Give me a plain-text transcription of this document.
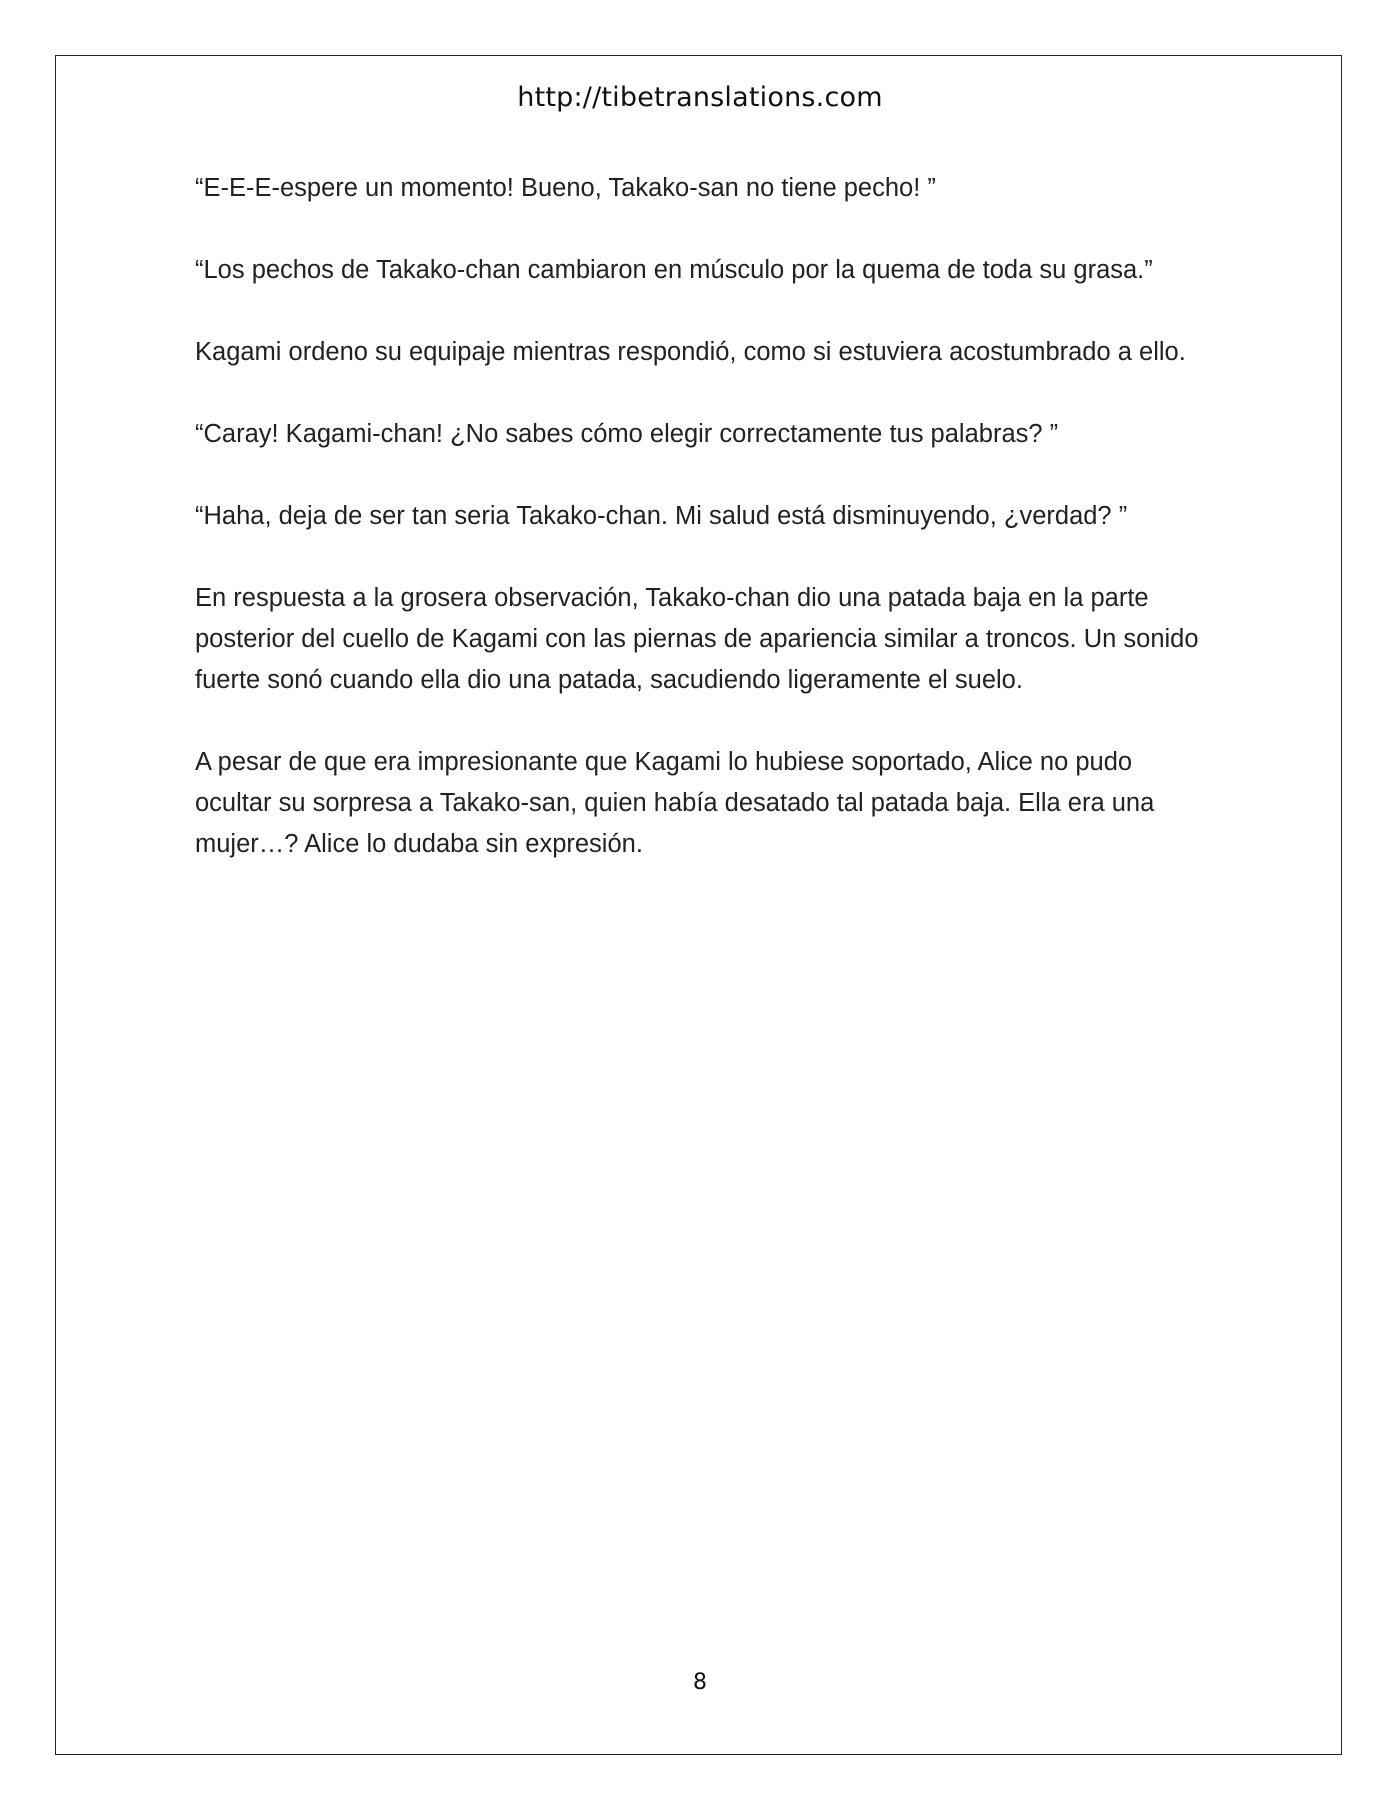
http://tibetranslations.com

“E-E-E-espere un momento! Bueno, Takako-san no tiene pecho! ”

“Los pechos de Takako-chan cambiaron en músculo por la quema de toda su grasa.”

Kagami ordeno su equipaje mientras respondió, como si estuviera acostumbrado a ello.

“Caray! Kagami-chan! ¿No sabes cómo elegir correctamente tus palabras? ”

“Haha, deja de ser tan seria Takako-chan. Mi salud está disminuyendo, ¿verdad? ”

En respuesta a la grosera observación, Takako-chan dio una patada baja en la parte posterior del cuello de Kagami con las piernas de apariencia similar a troncos. Un sonido fuerte sonó cuando ella dio una patada, sacudiendo ligeramente el suelo.

A pesar de que era impresionante que Kagami lo hubiese soportado, Alice no pudo ocultar su sorpresa a Takako-san, quien había desatado tal patada baja. Ella era una mujer…? Alice lo dudaba sin expresión.

8
